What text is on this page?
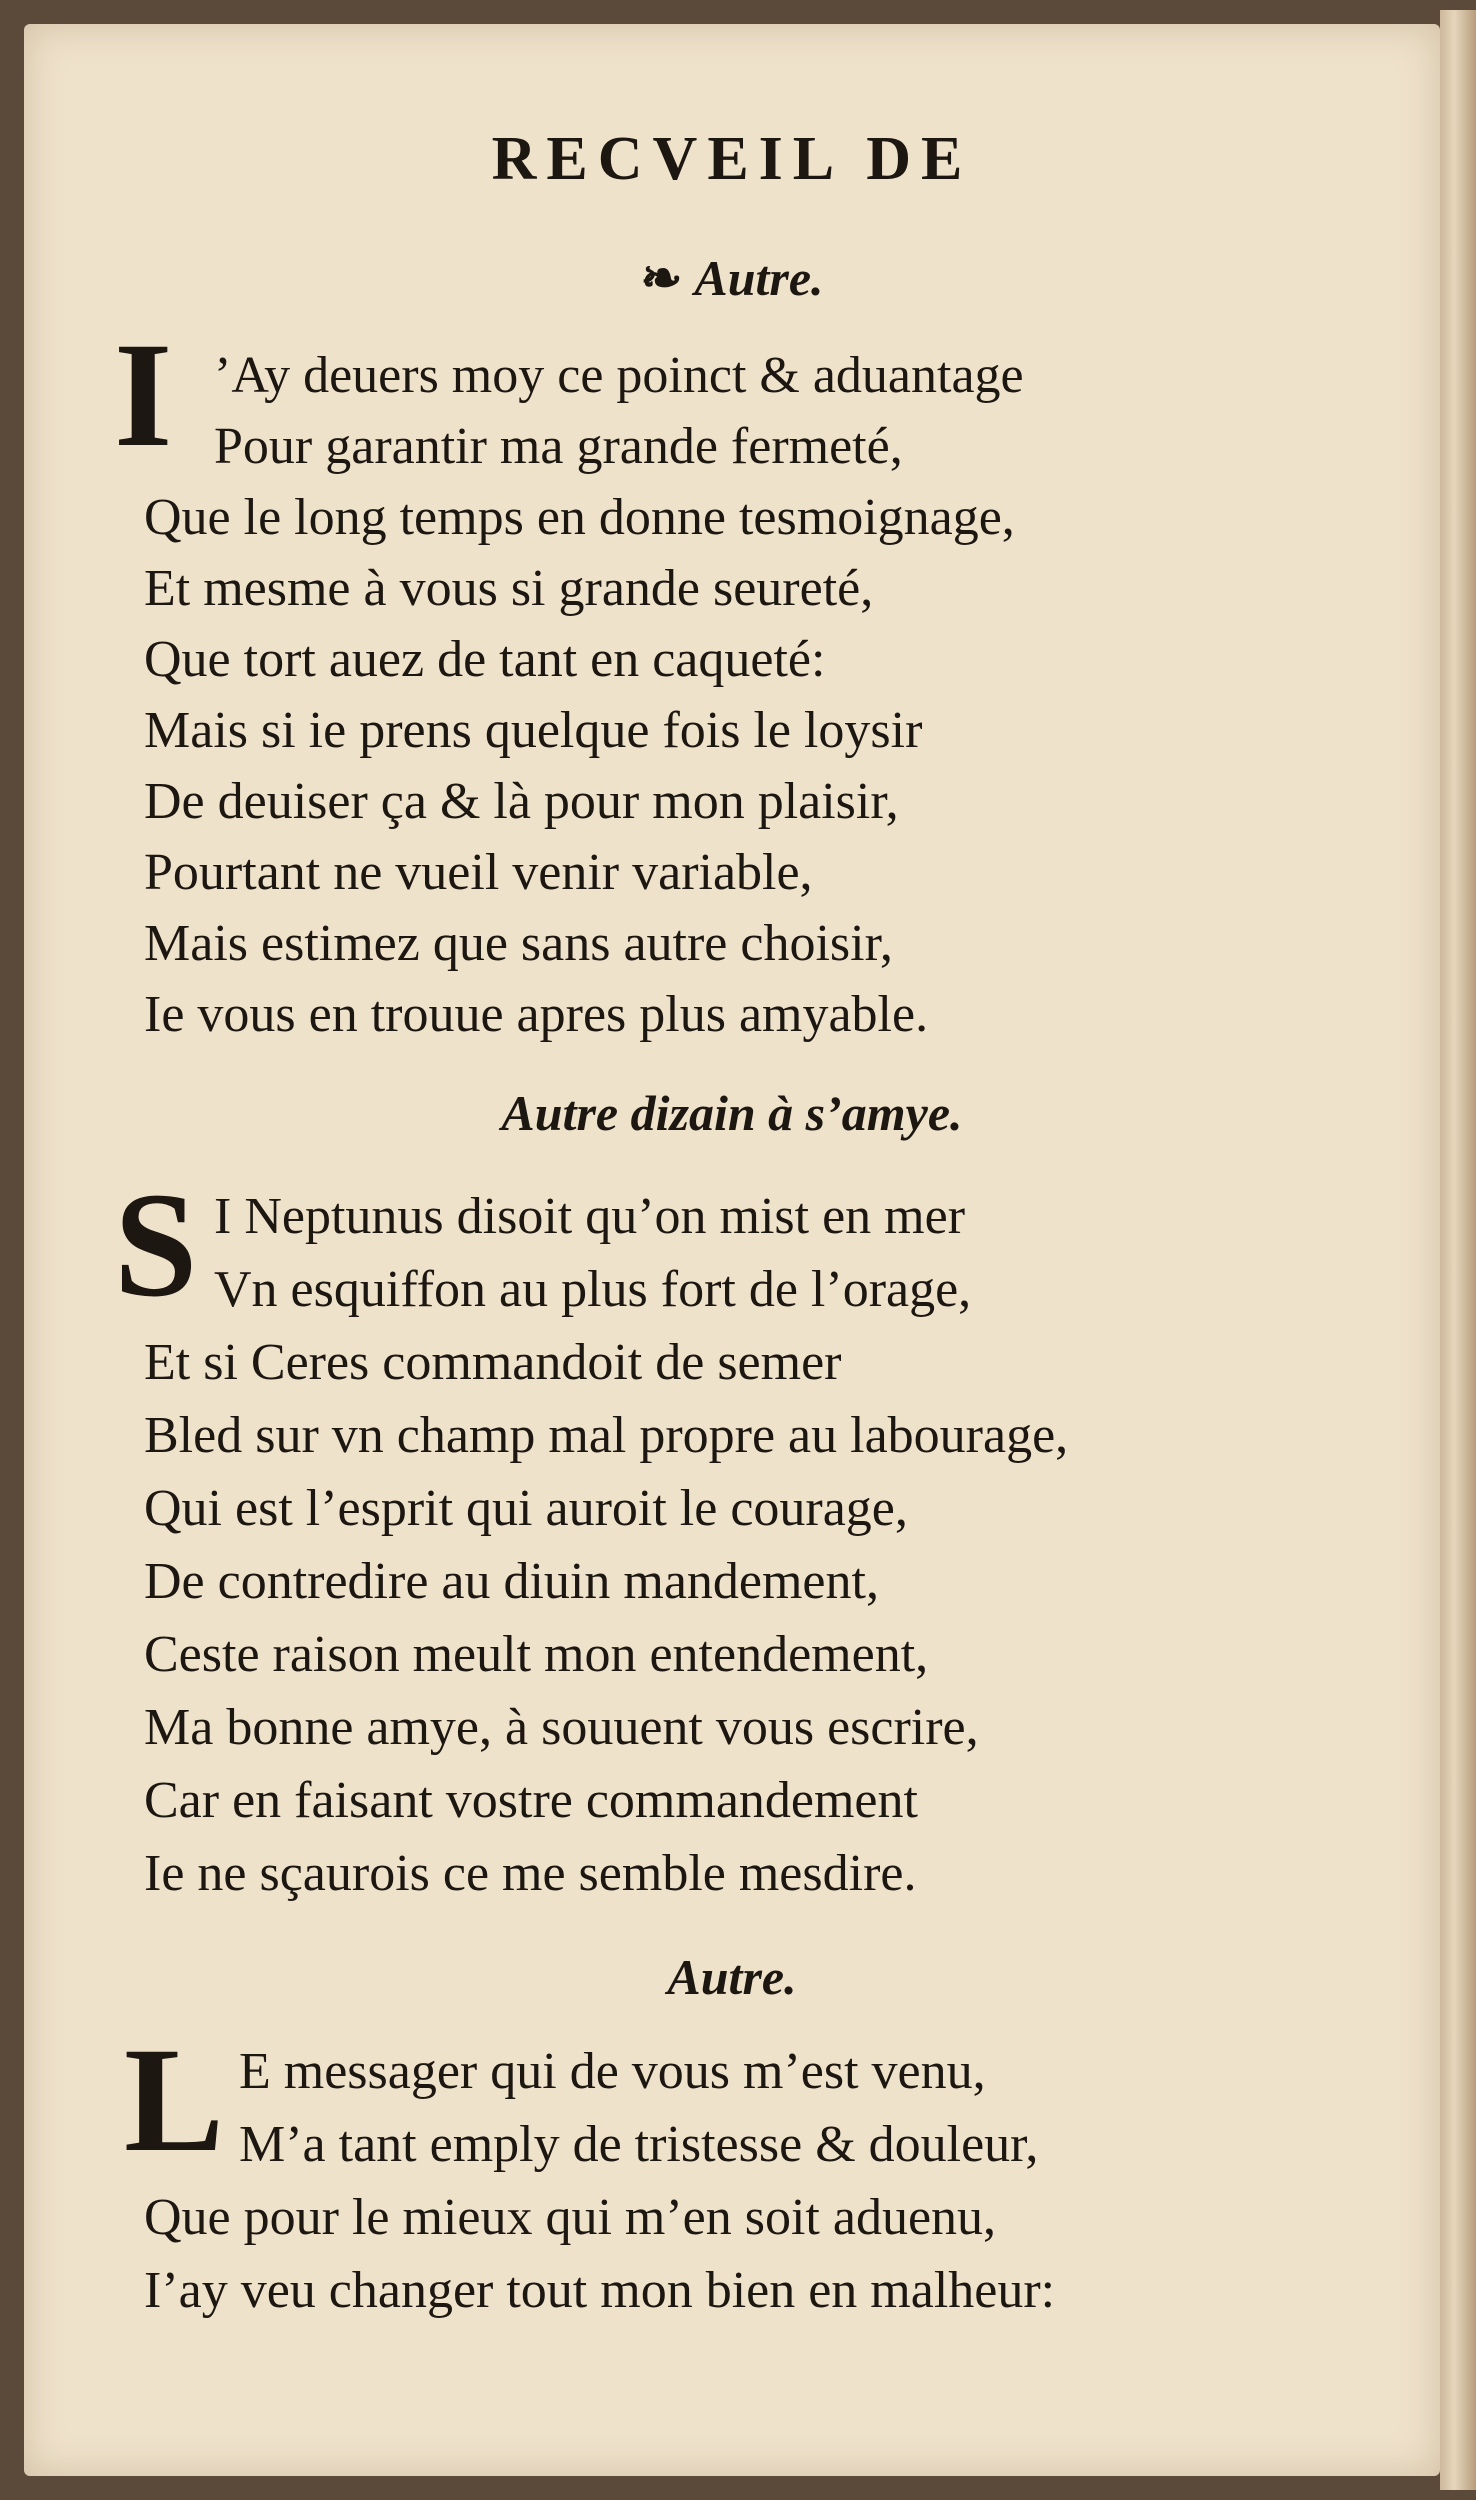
RECVEIL DE
❧ Autre.
I ’Ay deuers moy ce poinct & aduantage
Pour garantir ma grande fermeté,
Que le long temps en donne tesmoignage,
Et mesme à vous si grande seureté,
Que tort auez de tant en caqueté:
Mais si ie prens quelque fois le loysir
De deuiser ça & là pour mon plaisir,
Pourtant ne vueil venir variable,
Mais estimez que sans autre choisir,
Ie vous en trouue apres plus amyable.
Autre dizain à s’amye.
S I Neptunus disoit qu’on mist en mer
Vn esquiffon au plus fort de l’orage,
Et si Ceres commandoit de semer
Bled sur vn champ mal propre au labourage,
Qui est l’esprit qui auroit le courage,
De contredire au diuin mandement,
Ceste raison meult mon entendement,
Ma bonne amye, à souuent vous escrire,
Car en faisant vostre commandement
Ie ne sçaurois ce me semble mesdire.
Autre.
L E messager qui de vous m’est venu,
M’a tant emply de tristesse & douleur,
Que pour le mieux qui m’en soit aduenu,
I’ay veu changer tout mon bien en malheur:
